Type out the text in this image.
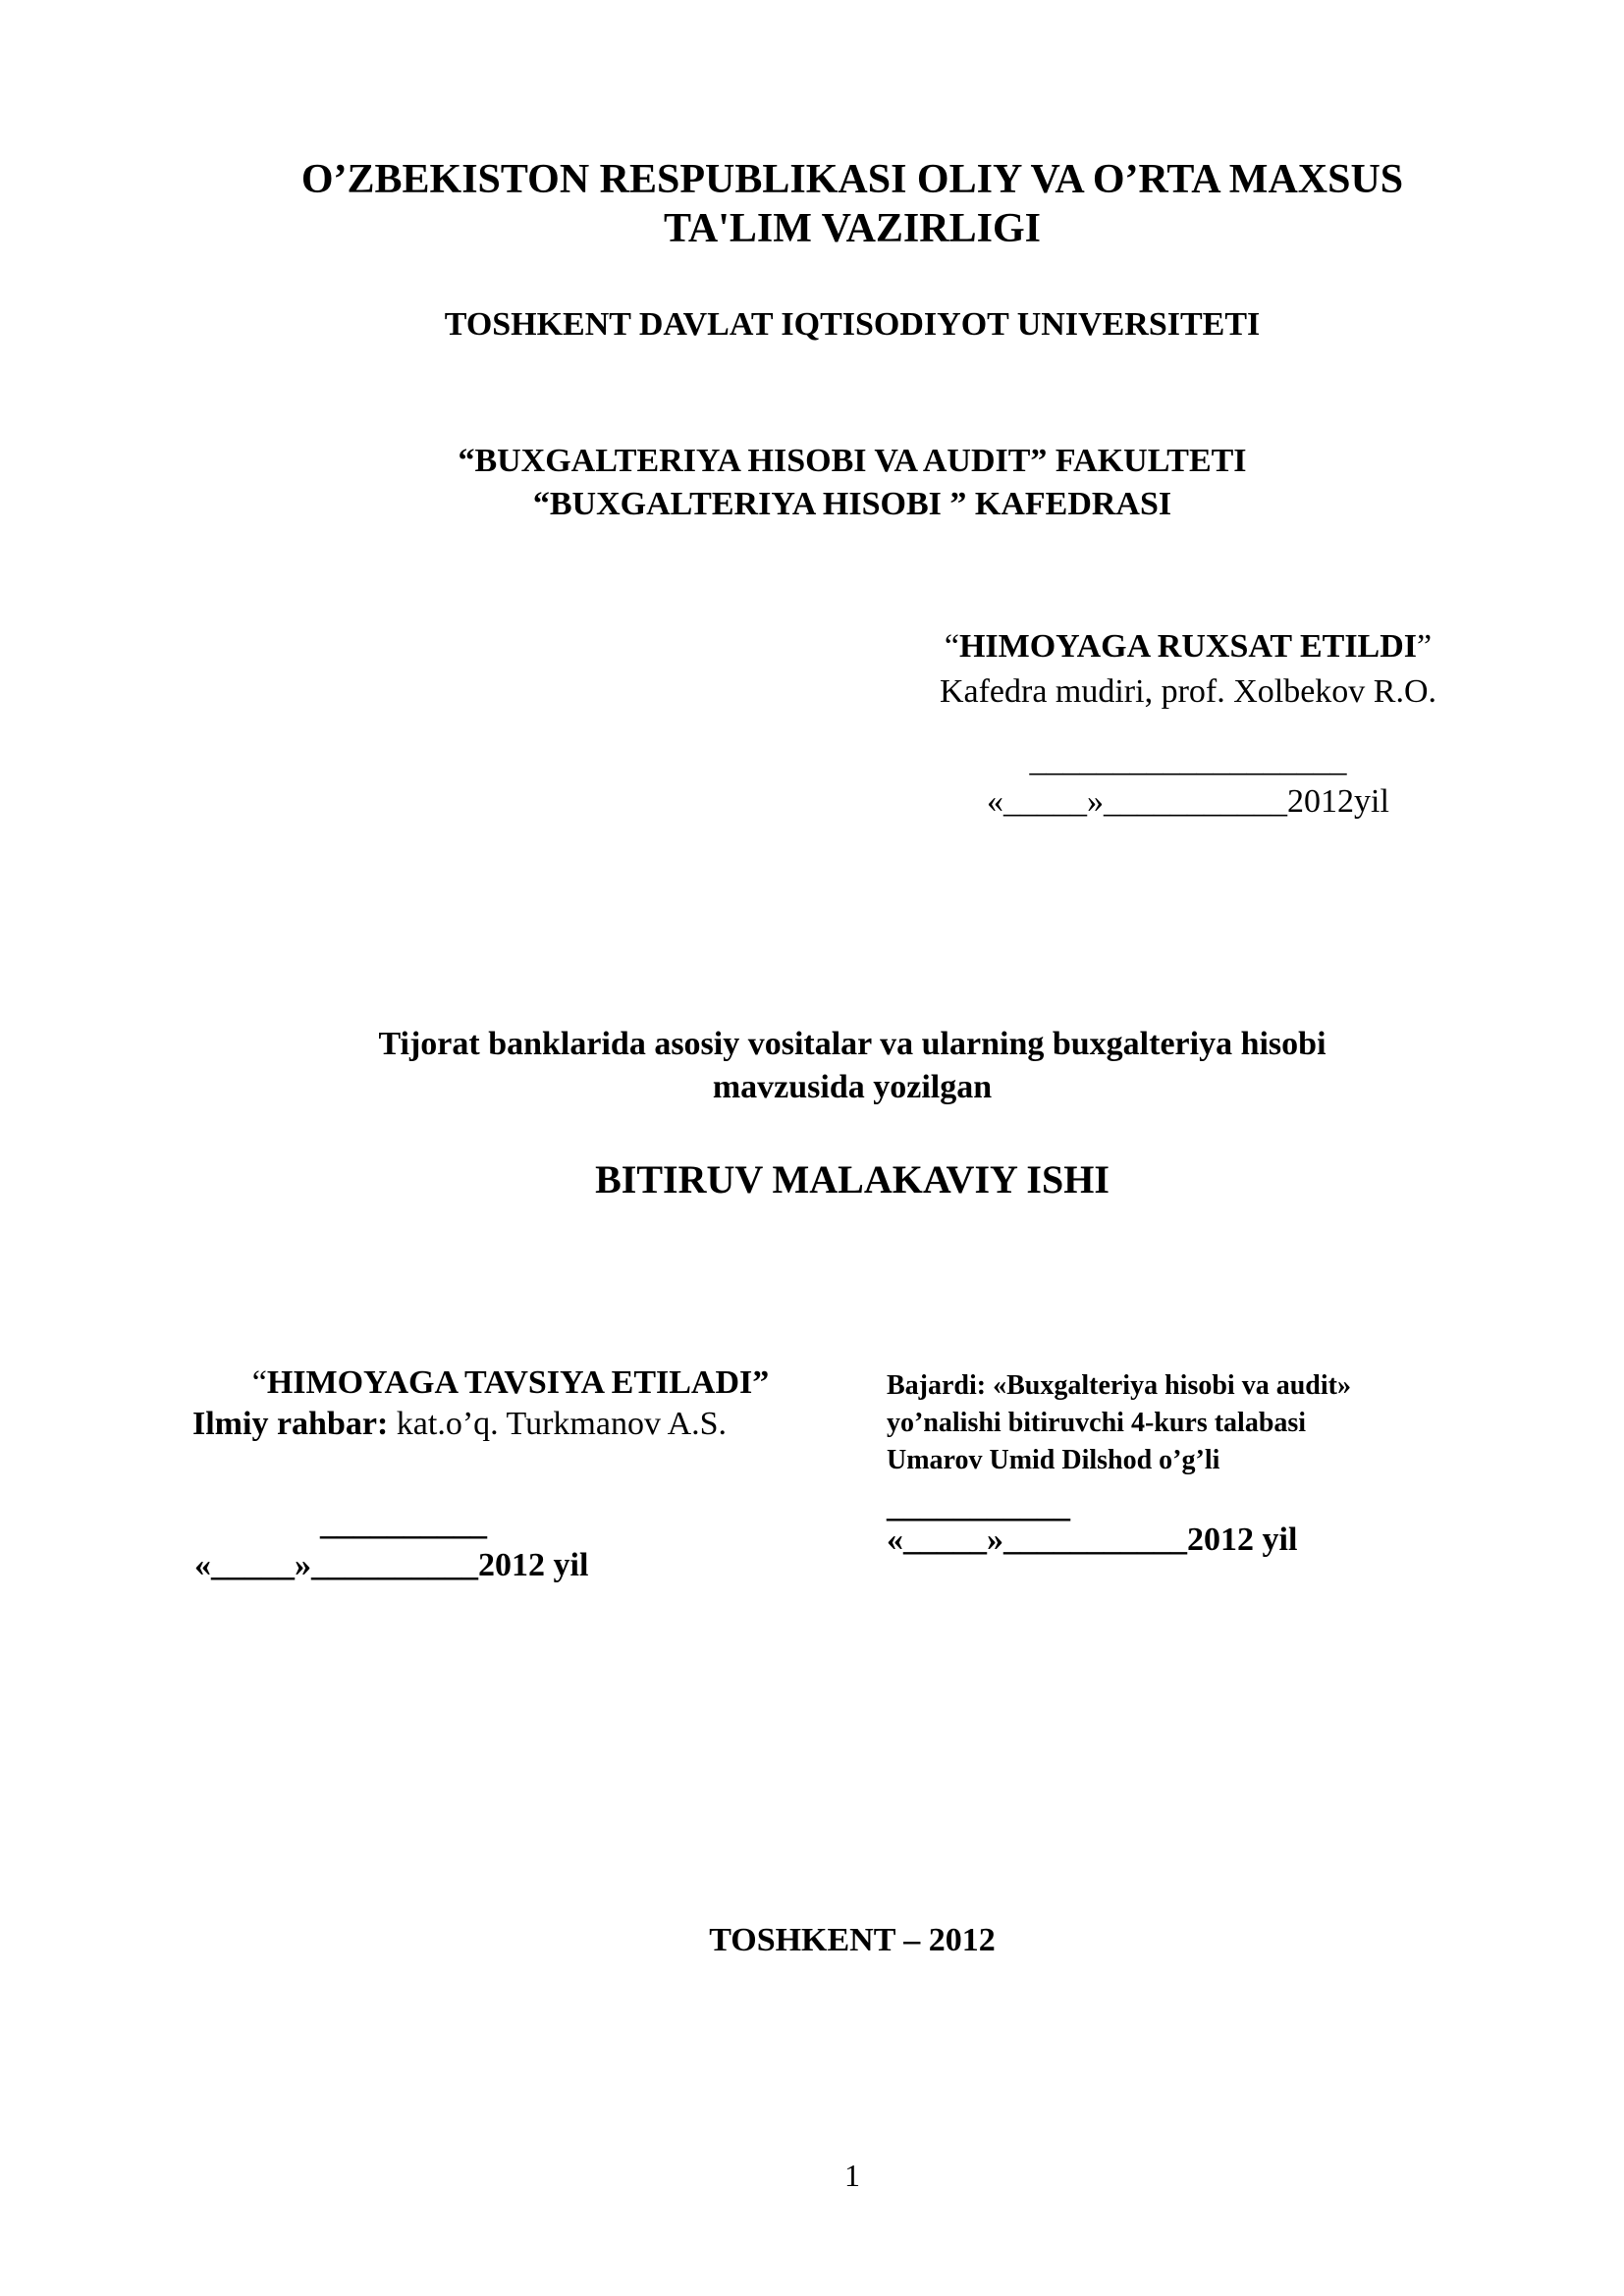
O’ZBEKISTON RESPUBLIKASI OLIY VA O’RTA MAXSUS
TA'LIM VAZIRLIGI
TOSHKENT DAVLAT IQTISODIYOT UNIVERSITETI
“BUXGALTERIYA HISOBI VA AUDIT” FAKULTETI
“BUXGALTERIYA HISOBI ” KAFEDRASI
“HIMOYAGA RUXSAT ETILDI”
Kafedra mudiri, prof. Xolbekov R.O.
___________________
«_____»___________2012yil
Tijorat banklarida asosiy vositalar va ularning buxgalteriya hisobi
mavzusida yozilgan
BITIRUV MALAKAVIY ISHI
“HIMOYAGA TAVSIYA ETILADI”
Ilmiy rahbar: kat.o’q. Turkmanov A.S.
__________
«_____»__________2012 yil
Bajardi: «Buxgalteriya hisobi va audit»
yo’nalishi bitiruvchi 4-kurs talabasi
Umarov Umid Dilshod o’g’li
___________
«_____»___________2012 yil
TOSHKENT – 2012
1
